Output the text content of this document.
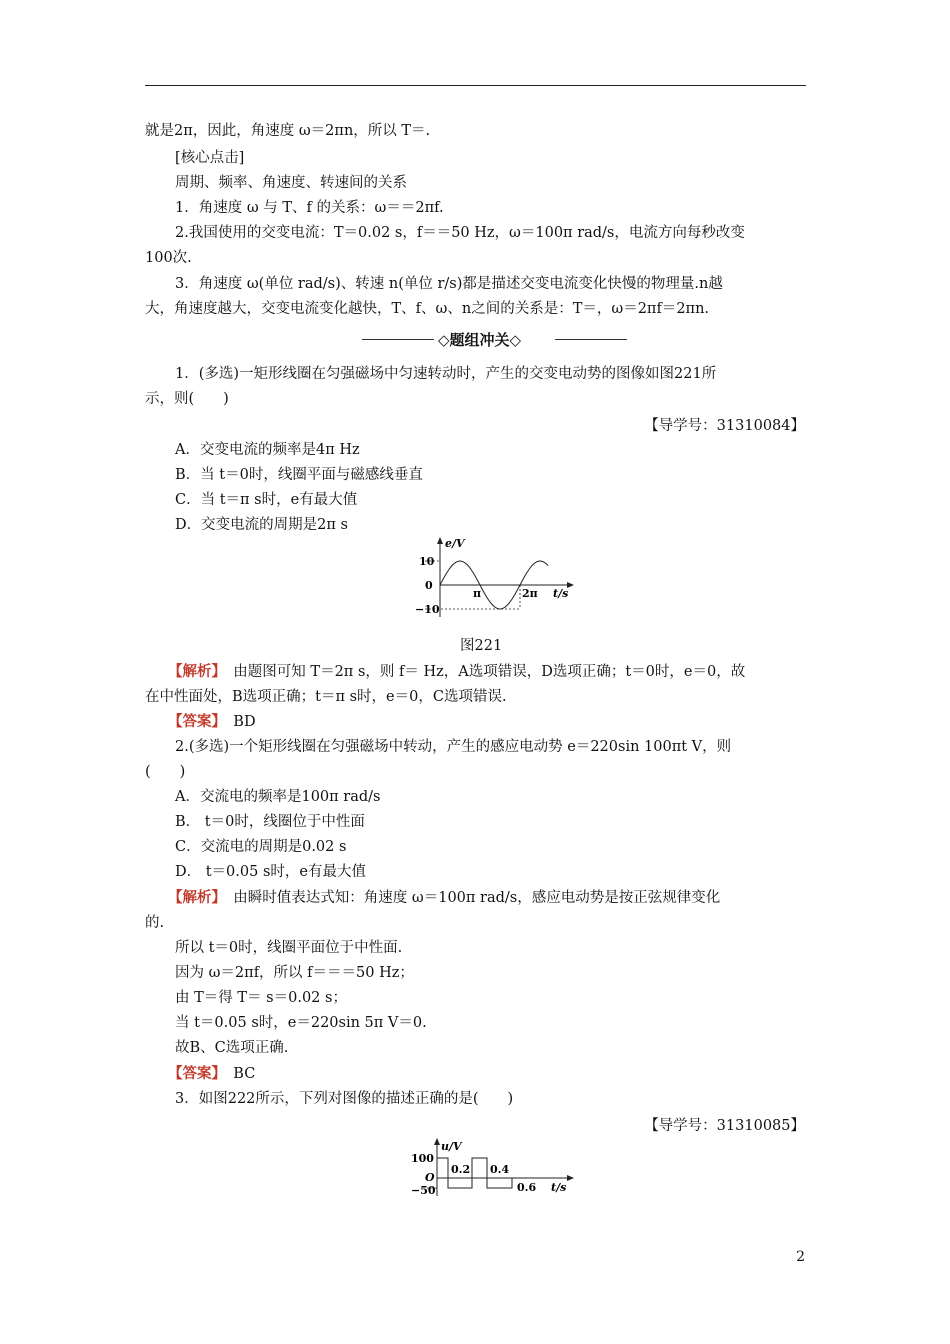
就是2π，因此，角速度 ω＝2πn，所以 T＝.
[核心点击]
周期、频率、角速度、转速间的关系
1．角速度 ω 与 T、f 的关系：ω＝＝2πf.
2.我国使用的交变电流：T＝0.02 s，f＝＝50 Hz，ω＝100π rad/s，电流方向每秒改变
100次.
3．角速度 ω(单位 rad/s)、转速 n(单位 r/s)都是描述交变电流变化快慢的物理量.n越
大，角速度越大，交变电流变化越快，T、f、ω、n之间的关系是：T＝，ω＝2πf＝2πn.
◇题组冲关◇
1．(多选)一矩形线圈在匀强磁场中匀速转动时，产生的交变电动势的图像如图221所
示，则(　　)
【导学号：31310084】
A．交变电流的频率是4π Hz
B．当 t＝0时，线圈平面与磁感线垂直
C．当 t＝π s时，e有最大值
D．交变电流的周期是2π s
e/V
10
0
−10
π	2π t/s
图221
【解析】　由题图可知 T＝2π s，则 f＝ Hz，A选项错误，D选项正确；t＝0时，e＝0，故
在中性面处，B选项正确；t＝π s时，e＝0，C选项错误.
【答案】　BD
2.(多选)一个矩形线圈在匀强磁场中转动，产生的感应电动势 e＝220sin 100πt V，则
(　　)
A．交流电的频率是100π rad/s
B． t＝0时，线圈位于中性面
C．交流电的周期是0.02 s
D． t＝0.05 s时，e有最大值
【解析】　由瞬时值表达式知：角速度 ω＝100π rad/s，感应电动势是按正弦规律变化
的.
所以 t＝0时，线圈平面位于中性面.
因为 ω＝2πf，所以 f＝＝＝50 Hz；
由 T＝得 T＝ s＝0.02 s；
当 t＝0.05 s时，e＝220sin 5π V＝0.
故B、C选项正确.
【答案】　BC
3．如图222所示，下列对图像的描述正确的是(　　)
【导学号：31310085】
u/V
100
O
−50
0.2 0.4
0.6 t/s
2
